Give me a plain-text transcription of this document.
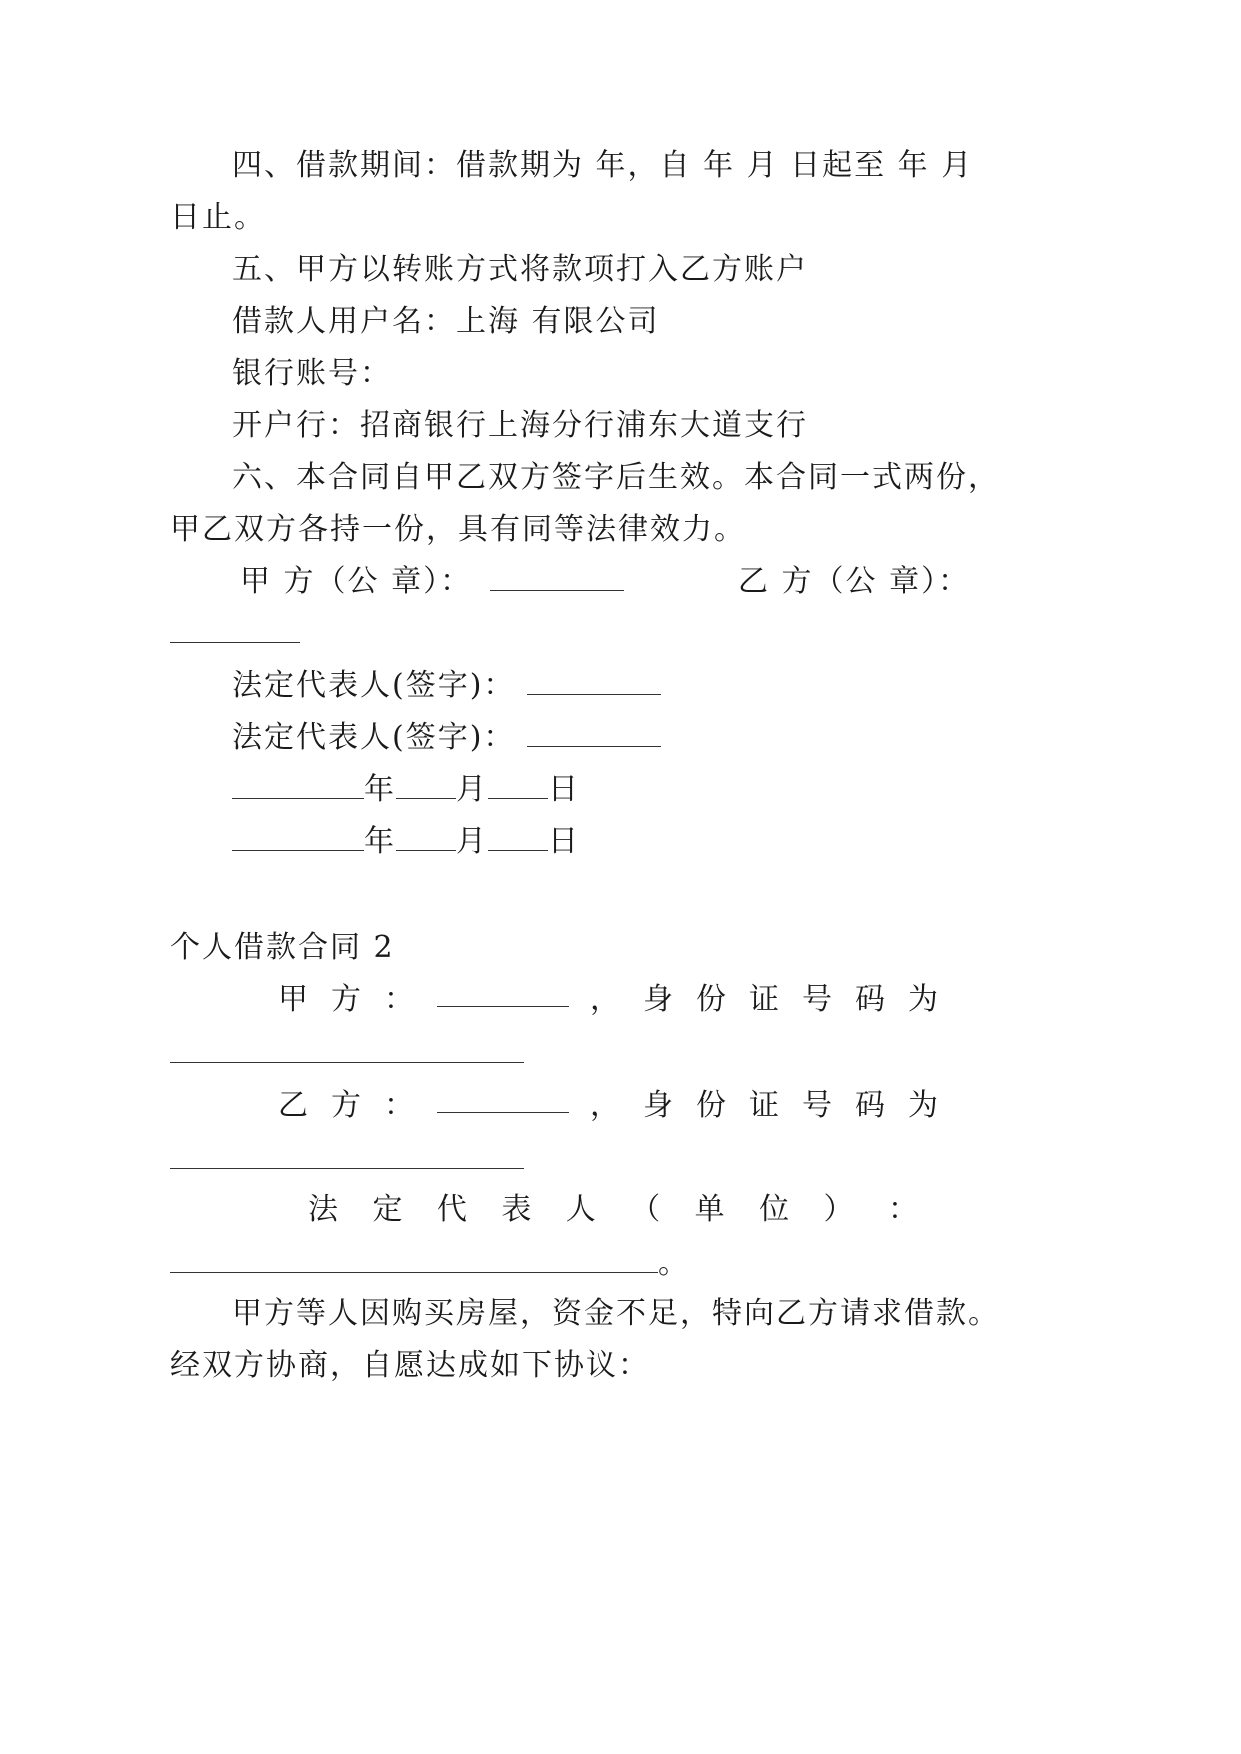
四、借款期间：借款期为 年，自 年 月 日起至 年 月
日止。
五、甲方以转账方式将款项打入乙方账户
借款人用户名：上海 有限公司
银行账号：
开户行：招商银行上海分行浦东大道支行
六、本合同自甲乙双方签字后生效。本合同一式两份，
甲乙双方各持一份，具有同等法律效力。
甲 方（公 章）：	乙 方（公 章）：
法定代表人(签字)：
法定代表人(签字)：
年 月 日
年 月 日
个人借款合同 2
甲 方 ：	， 身 份 证 号 码 为
乙 方 ：	， 身 份 证 号 码 为
法 定 代 表 人 （ 单 位 ） ：
。
甲方等人因购买房屋，资金不足，特向乙方请求借款。
经双方协商，自愿达成如下协议：
